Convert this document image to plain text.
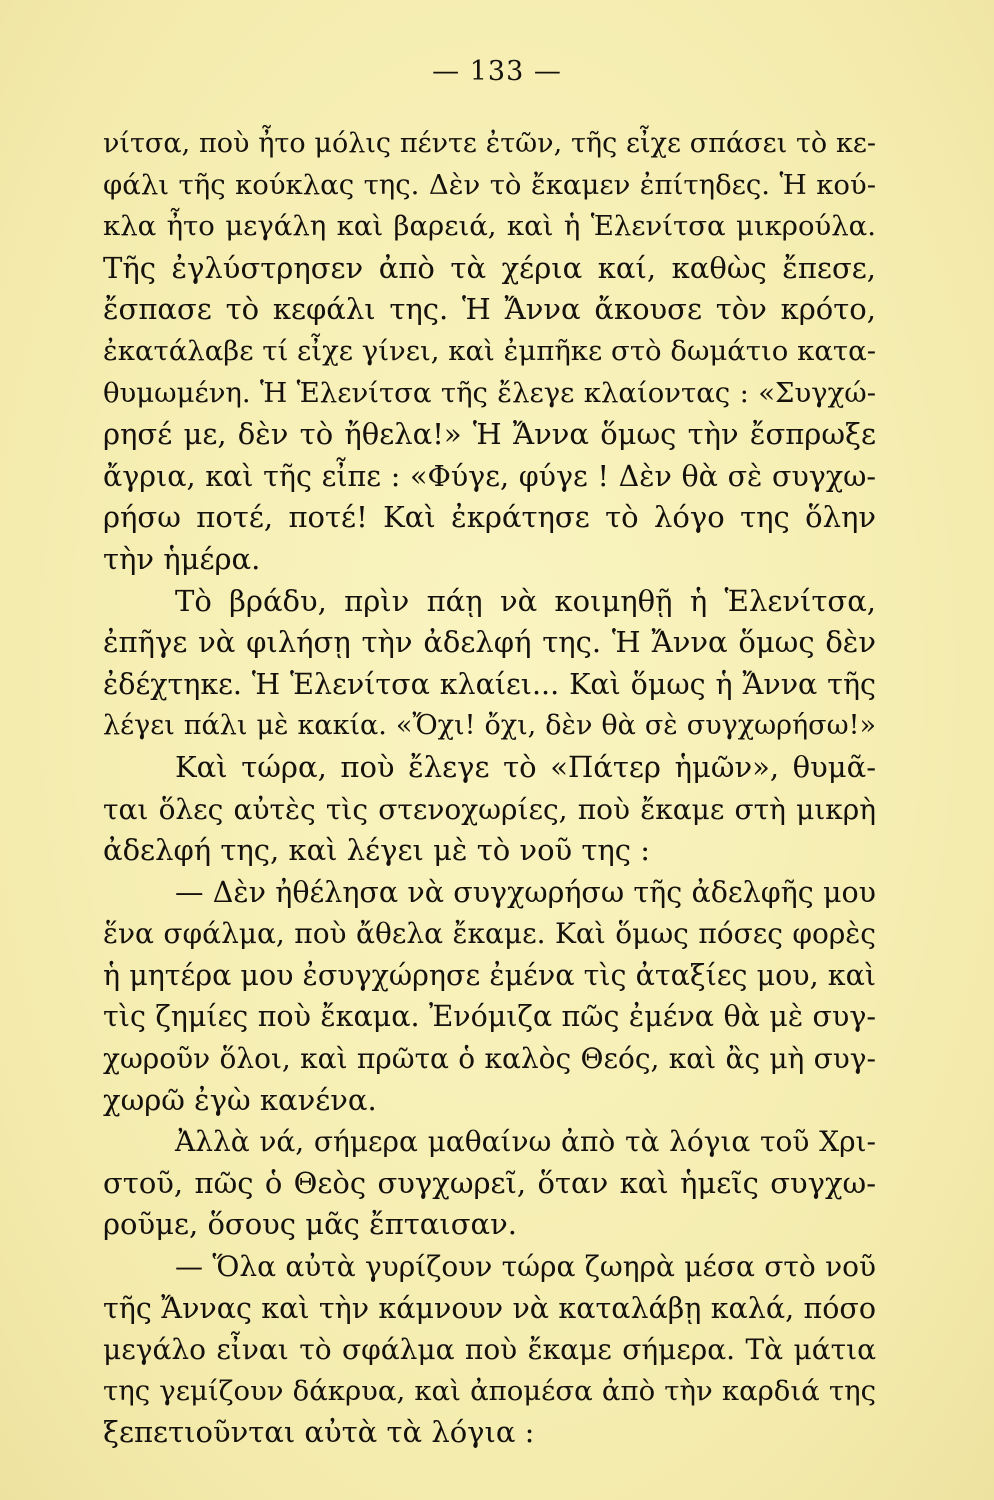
— 133 —
νίτσα, ποὺ ἦτο μόλις πέντε ἐτῶν, τῆς εἶχε σπάσει τὸ κε-
φάλι τῆς κούκλας της. Δὲν τὸ ἔκαμεν ἐπίτηδες. Ἡ κού-
κλα ἦτο μεγάλη καὶ βαρειά, καὶ ἡ Ἑλενίτσα μικρούλα.
Τῆς ἐγλύστρησεν ἀπὸ τὰ χέρια καί, καθὼς ἔπεσε,
ἔσπασε τὸ κεφάλι της. Ἡ Ἄννα ἄκουσε τὸν κρότο,
ἐκατάλαβε τί εἶχε γίνει, καὶ ἐμπῆκε στὸ δωμάτιο κατα-
θυμωμένη. Ἡ Ἑλενίτσα τῆς ἔλεγε κλαίοντας : «Συγχώ-
ρησέ με, δὲν τὸ ἤθελα!» Ἡ Ἄννα ὅμως τὴν ἔσπρωξε
ἄγρια, καὶ τῆς εἶπε : «Φύγε, φύγε ! Δὲν θὰ σὲ συγχω-
ρήσω ποτέ, ποτέ! Καὶ ἐκράτησε τὸ λόγο της ὅλην
τὴν ἡμέρα.
Τὸ βράδυ, πρὶν πάῃ νὰ κοιμηθῇ ἡ Ἑλενίτσα,
ἐπῆγε νὰ φιλήσῃ τὴν ἀδελφή της. Ἡ Ἄννα ὅμως δὲν
ἐδέχτηκε. Ἡ Ἑλενίτσα κλαίει... Καὶ ὅμως ἡ Ἄννα τῆς
λέγει πάλι μὲ κακία. «Ὄχι! ὄχι, δὲν θὰ σὲ συγχωρήσω!»
Καὶ τώρα, ποὺ ἔλεγε τὸ «Πάτερ ἡμῶν», θυμᾶ-
ται ὅλες αὐτὲς τὶς στενοχωρίες, ποὺ ἔκαμε στὴ μικρὴ
ἀδελφή της, καὶ λέγει μὲ τὸ νοῦ της :
— Δὲν ἠθέλησα νὰ συγχωρήσω τῆς ἀδελφῆς μου
ἕνα σφάλμα, ποὺ ἄθελα ἔκαμε. Καὶ ὅμως πόσες φορὲς
ἡ μητέρα μου ἐσυγχώρησε ἐμένα τὶς ἀταξίες μου, καὶ
τὶς ζημίες ποὺ ἔκαμα. Ἐνόμιζα πῶς ἐμένα θὰ μὲ συγ-
χωροῦν ὅλοι, καὶ πρῶτα ὁ καλὸς Θεός, καὶ ἂς μὴ συγ-
χωρῶ ἐγὼ κανένα.
Ἀλλὰ νά, σήμερα μαθαίνω ἀπὸ τὰ λόγια τοῦ Χρι-
στοῦ, πῶς ὁ Θεὸς συγχωρεῖ, ὅταν καὶ ἡμεῖς συγχω-
ροῦμε, ὅσους μᾶς ἔπταισαν.
— Ὅλα αὐτὰ γυρίζουν τώρα ζωηρὰ μέσα στὸ νοῦ
τῆς Ἄννας καὶ τὴν κάμνουν νὰ καταλάβῃ καλά, πόσο
μεγάλο εἶναι τὸ σφάλμα ποὺ ἔκαμε σήμερα. Τὰ μάτια
της γεμίζουν δάκρυα, καὶ ἀπομέσα ἀπὸ τὴν καρδιά της
ξεπετιοῦνται αὐτὰ τὰ λόγια :
